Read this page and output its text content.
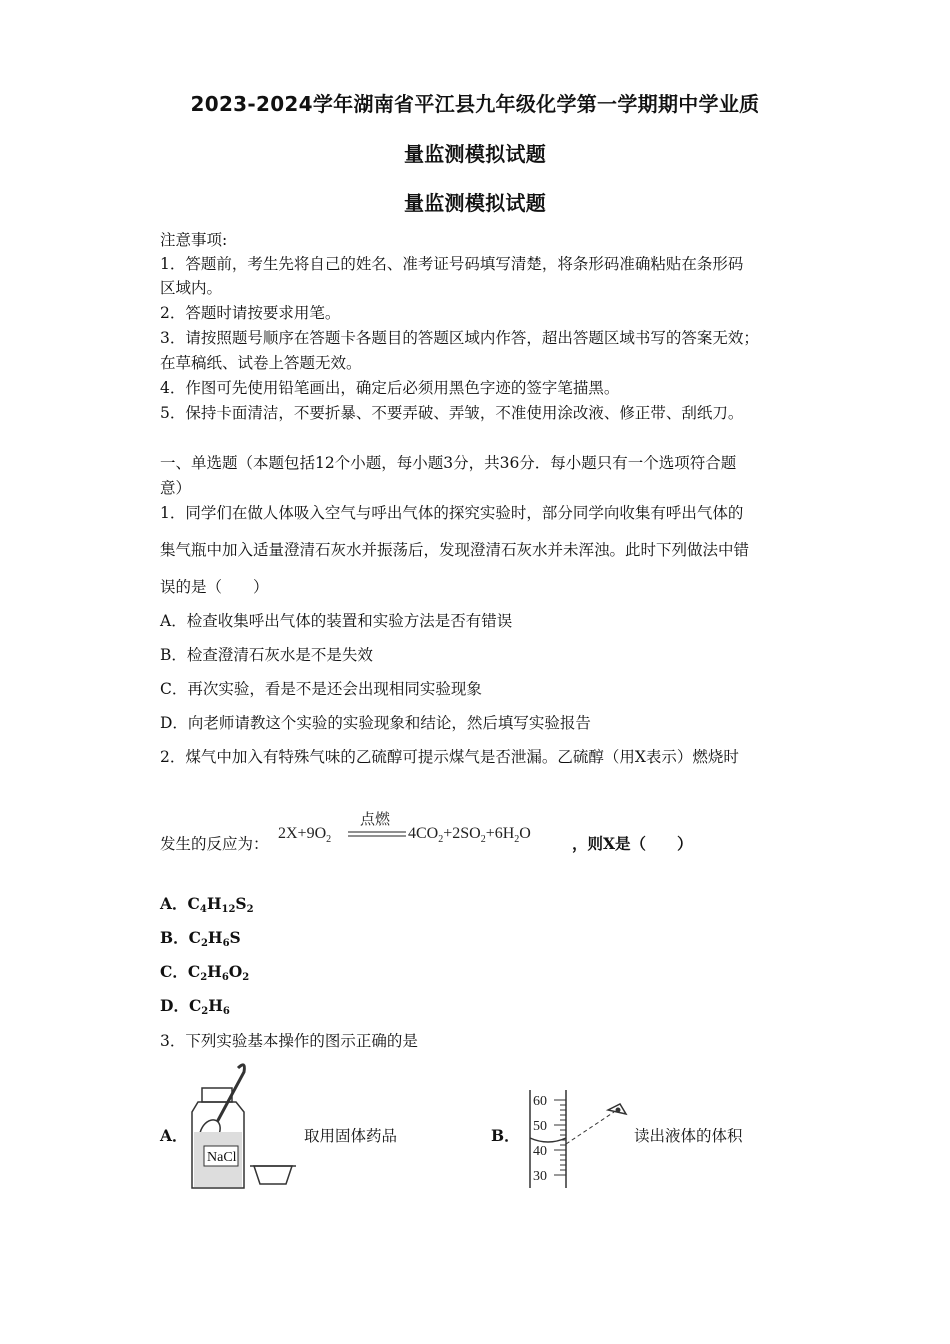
2023-2024学年湖南省平江县九年级化学第一学期期中学业质
量监测模拟试题
量监测模拟试题
注意事项:
1．答题前，考生先将自己的姓名、准考证号码填写清楚，将条形码准确粘贴在条形码
区域内。
2．答题时请按要求用笔。
3．请按照题号顺序在答题卡各题目的答题区域内作答，超出答题区域书写的答案无效；
在草稿纸、试卷上答题无效。
4．作图可先使用铅笔画出，确定后必须用黑色字迹的签字笔描黑。
5．保持卡面清洁，不要折暴、不要弄破、弄皱，不准使用涂改液、修正带、刮纸刀。
一、单选题（本题包括12个小题，每小题3分，共36分．每小题只有一个选项符合题
意）
1．同学们在做人体吸入空气与呼出气体的探究实验时，部分同学向收集有呼出气体的
集气瓶中加入适量澄清石灰水并振荡后，发现澄清石灰水并未浑浊。此时下列做法中错
误的是（　　）
A．检查收集呼出气体的装置和实验方法是否有错误
B．检查澄清石灰水是不是失效
C．再次实验，看是不是还会出现相同实验现象
D．向老师请教这个实验的实验现象和结论，然后填写实验报告
2．煤气中加入有特殊气味的乙硫醇可提示煤气是否泄漏。乙硫醇（用X表示）燃烧时
发生的反应为：
$2X+9O_2$
点燃
$4CO_2+2SO_2+6H_2O$
，则X是（　　）
A．$C_4H_{12}S_2$
B．$C_2H_6S$
C．$C_2H_6O_2$
D．$C_2H_6$
3．下列实验基本操作的图示正确的是
A．
NaCl
取用固体药品	B．
60
50
40
30
读出液体的体积
